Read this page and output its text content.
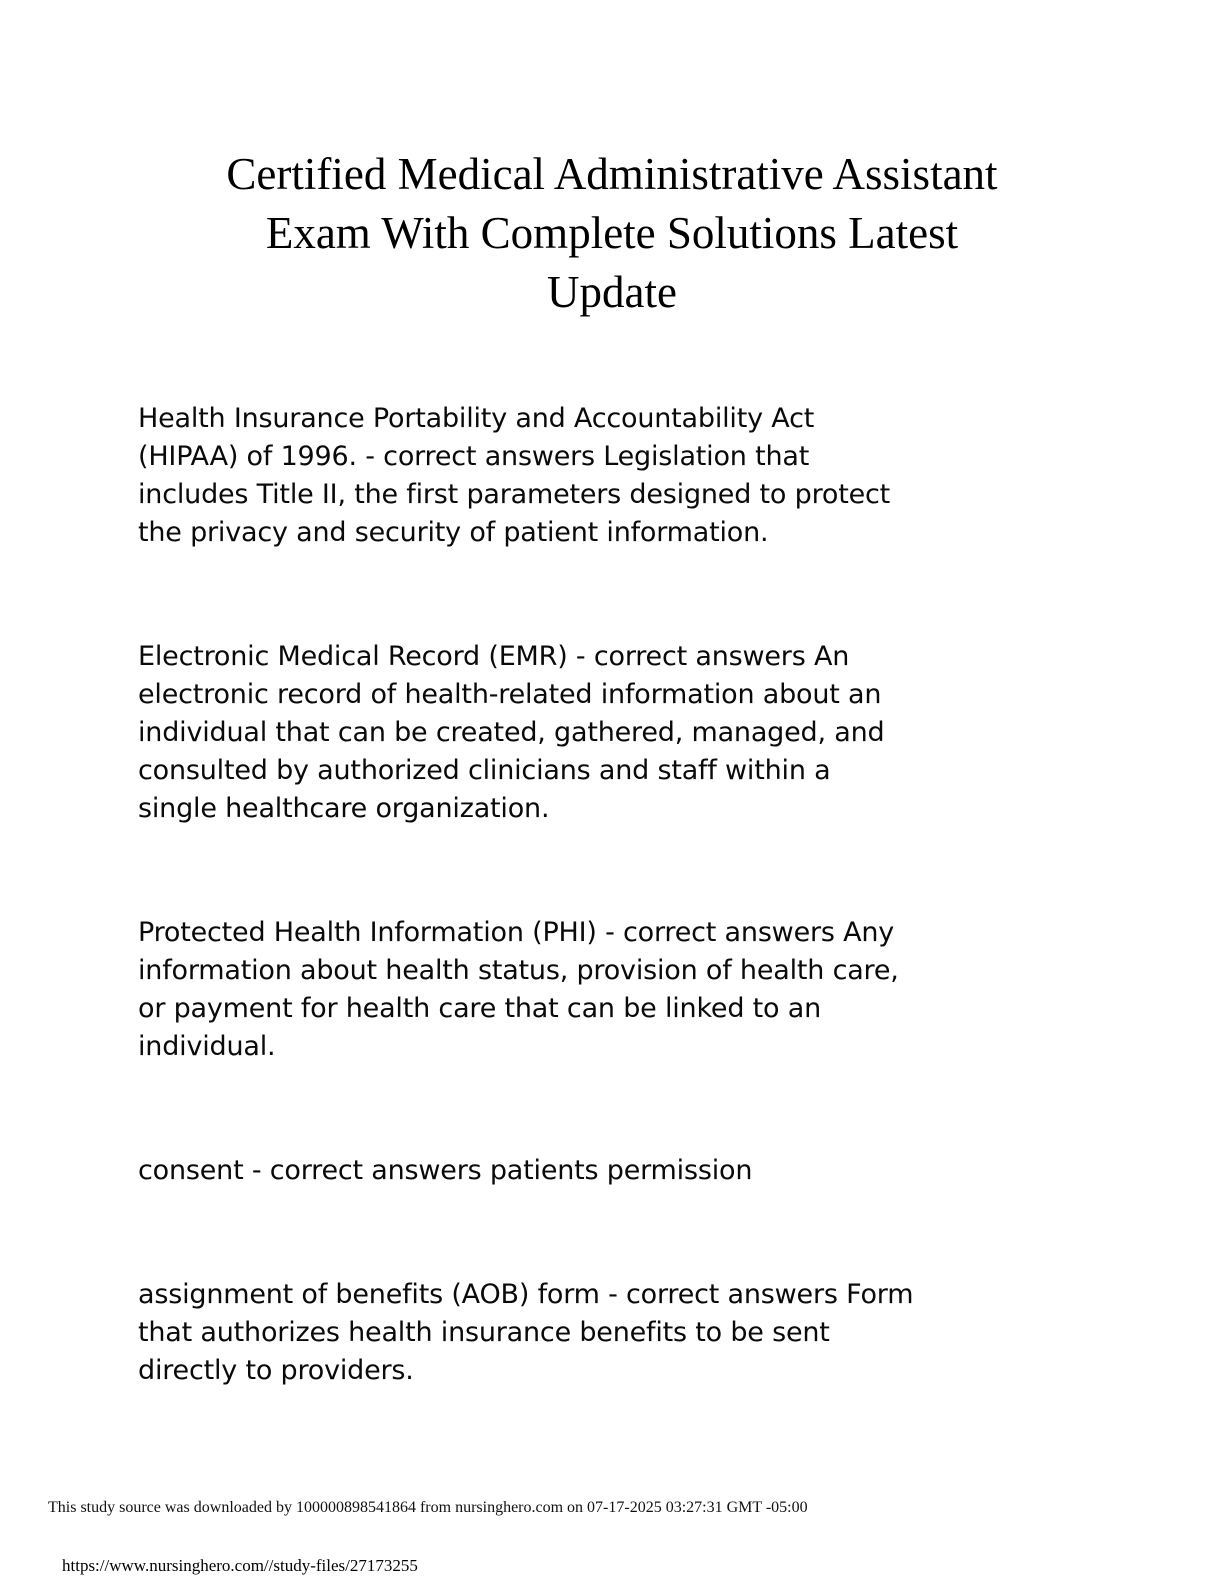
Certified Medical Administrative Assistant
Exam With Complete Solutions Latest
Update

Health Insurance Portability and Accountability Act
(HIPAA) of 1996. - correct answers Legislation that
includes Title II, the first parameters designed to protect
the privacy and security of patient information.

Electronic Medical Record (EMR) - correct answers An
electronic record of health-related information about an
individual that can be created, gathered, managed, and
consulted by authorized clinicians and staff within a
single healthcare organization.

Protected Health Information (PHI) - correct answers Any
information about health status, provision of health care,
or payment for health care that can be linked to an
individual.

consent - correct answers patients permission

assignment of benefits (AOB) form - correct answers Form
that authorizes health insurance benefits to be sent
directly to providers.

This study source was downloaded by 100000898541864 from nursinghero.com on 07-17-2025 03:27:31 GMT -05:00
https://www.nursinghero.com//study-files/27173255
